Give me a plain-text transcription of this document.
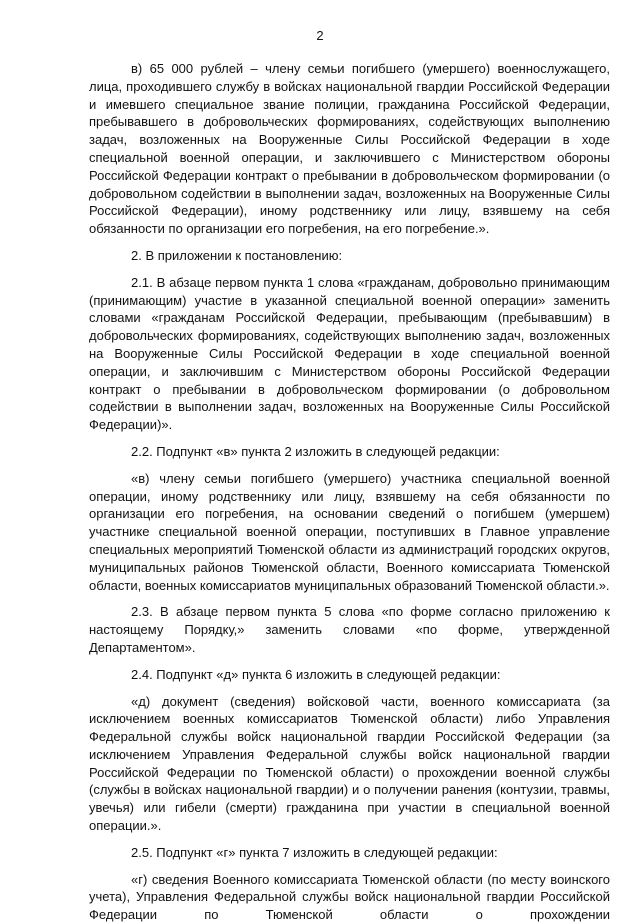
2

в) 65 000 рублей – члену семьи погибшего (умершего) военнослужащего, лица, проходившего службу в войсках национальной гвардии Российской Федерации и имевшего специальное звание полиции, гражданина Российской Федерации, пребывавшего в добровольческих формированиях, содействующих выполнению задач, возложенных на Вооруженные Силы Российской Федерации в ходе специальной военной операции, и заключившего с Министерством обороны Российской Федерации контракт о пребывании в добровольческом формировании (о добровольном содействии в выполнении задач, возложенных на Вооруженные Силы Российской Федерации), иному родственнику или лицу, взявшему на себя обязанности по организации его погребения, на его погребение.».

2. В приложении к постановлению:

2.1. В абзаце первом пункта 1 слова «гражданам, добровольно принимающим (принимающим) участие в указанной специальной военной операции» заменить словами «гражданам Российской Федерации, пребывающим (пребывавшим) в добровольческих формированиях, содействующих выполнению задач, возложенных на Вооруженные Силы Российской Федерации в ходе специальной военной операции, и заключившим с Министерством обороны Российской Федерации контракт о пребывании в добровольческом формировании (о добровольном содействии в выполнении задач, возложенных на Вооруженные Силы Российской Федерации)».

2.2. Подпункт «в» пункта 2 изложить в следующей редакции:

«в) члену семьи погибшего (умершего) участника специальной военной операции, иному родственнику или лицу, взявшему на себя обязанности по организации его погребения, на основании сведений о погибшем (умершем) участнике специальной военной операции, поступивших в Главное управление специальных мероприятий Тюменской области из администраций городских округов, муниципальных районов Тюменской области, Военного комиссариата Тюменской области, военных комиссариатов муниципальных образований Тюменской области.».

2.3. В абзаце первом пункта 5 слова «по форме согласно приложению к настоящему Порядку,» заменить словами «по форме, утвержденной Департаментом».

2.4. Подпункт «д» пункта 6 изложить в следующей редакции:

«д) документ (сведения) войсковой части, военного комиссариата (за исключением военных комиссариатов Тюменской области) либо Управления Федеральной службы войск национальной гвардии Российской Федерации (за исключением Управления Федеральной службы войск национальной гвардии Российской Федерации по Тюменской области) о прохождении военной службы (службы в войсках национальной гвардии) и о получении ранения (контузии, травмы, увечья) или гибели (смерти) гражданина при участии в специальной военной операции.».

2.5. Подпункт «г» пункта 7 изложить в следующей редакции:

«г) сведения Военного комиссариата Тюменской области (по месту воинского учета), Управления Федеральной службы войск национальной гвардии Российской Федерации по Тюменской области о прохождении
